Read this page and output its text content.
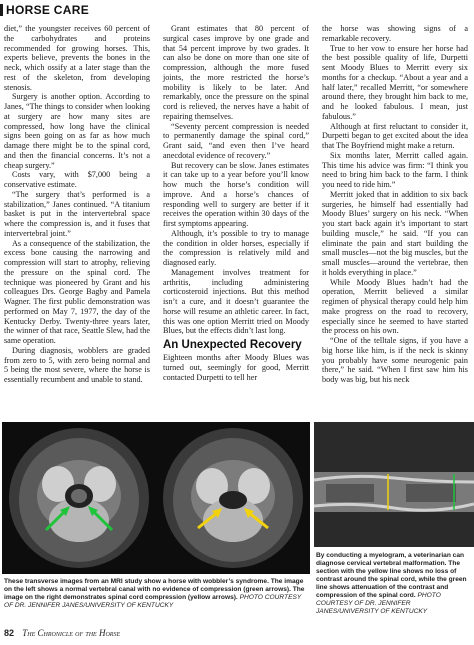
HORSE CARE

diet,” the youngster receives 60 percent of the carbohydrates and proteins recommended for growing horses. This, experts believe, prevents the bones in the neck, which ossify at a later stage than the rest of the skeleton, from developing stenosis.

Surgery is another option. According to Janes, “The things to consider when looking at surgery are how many sites are compressed, how long have the clinical signs been going on as far as how much damage there might be to the spinal cord, and then the financial concerns. It’s not a cheap surgery.”

Costs vary, with $7,000 being a conservative estimate.

“The surgery that’s performed is a stabilization,” Janes continued. “A titanium basket is put in the intervertebral space where the compression is, and it fuses that intervertebral joint.”

As a consequence of the stabilization, the excess bone causing the narrowing and compression will start to atrophy, relieving the pressure on the spinal cord. The technique was pioneered by Grant and his colleagues Drs. George Bagby and Pamela Wagner. The first public demonstration was performed on May 7, 1977, the day of the Kentucky Derby. Twenty-three years later, the winner of that race, Seattle Slew, had the same operation.

During diagnosis, wobblers are graded from zero to 5, with zero being normal and 5 being the most severe, where the horse is essentially recumbent and unable to stand.

Grant estimates that 80 percent of surgical cases improve by one grade and that 54 percent improve by two grades. It can also be done on more than one site of compression, although the more fused joints, the more restricted the horse’s mobility is likely to be later. And remarkably, once the pressure on the spinal cord is relieved, the nerves have a habit of repairing themselves.

“Seventy percent compression is needed to permanently damage the spinal cord,” Grant said, “and even then I’ve heard anecdotal evidence of recovery.”

But recovery can be slow. Janes estimates it can take up to a year before you’ll know how much the horse’s condition will improve. And a horse’s chances of responding well to surgery are better if it receives the operation within 30 days of the first symptoms appearing.

Although, it’s possible to try to manage the condition in older horses, especially if the compression is relatively mild and diagnosed early.

Management involves treatment for arthritis, including administering corticosteroid injections. But this method isn’t a cure, and it doesn’t guarantee the horse will resume an athletic career. In fact, this was one option Merritt tried on Moody Blues, but the effects didn’t last long.

An Unexpected Recovery

Eighteen months after Moody Blues was turned out, seemingly for good, Merritt contacted Durpetti to tell her

the horse was showing signs of a remarkable recovery.

True to her vow to ensure her horse had the best possible quality of life, Durpetti sent Moody Blues to Merritt every six months for a checkup. “About a year and a half later,” recalled Merritt, “or somewhere around there, they brought him back to me, and he looked fabulous. I mean, just fabulous.”

Although at first reluctant to consider it, Durpetti began to get excited about the idea that The Boyfriend might make a return.

Six months later, Merritt called again. This time his advice was firm: “I think you need to bring him back to the farm. I think you need to ride him.”

Merritt joked that in addition to six back surgeries, he himself had essentially had Moody Blues’ surgery on his neck. “When you start back again it’s important to start building muscle,” he said. “If you can eliminate the pain and start building the small muscles—not the big muscles, but the small muscles—around the vertebrae, then it holds everything in place.”

While Moody Blues hadn’t had the operation, Merritt believed a similar regimen of physical therapy could help him make progress on the road to recovery, especially since he seemed to have started the process on his own.

“One of the telltale signs, if you have a big horse like him, is if the neck is skinny you probably have some neurogenic pain there,” he said. “When I first saw him his body was big, but his neck

These transverse images from an MRI study show a horse with wobbler’s syndrome. The image on the left shows a normal vertebral canal with no evidence of compression (green arrows). The image on the right demonstrates spinal cord compression (yellow arrows). PHOTO COURTESY OF DR. JENNIFER JANES/UNIVERSITY OF KENTUCKY
By conducting a myelogram, a veterinarian can diagnose cervical vertebral malformation. The section with the yellow line shows no loss of contrast around the spinal cord, while the green line shows attenuation of the contrast and compression of the spinal cord. PHOTO COURTESY OF DR. JENNIFER JANES/UNIVERSITY OF KENTUCKY
82 The Chronicle of the Horse
